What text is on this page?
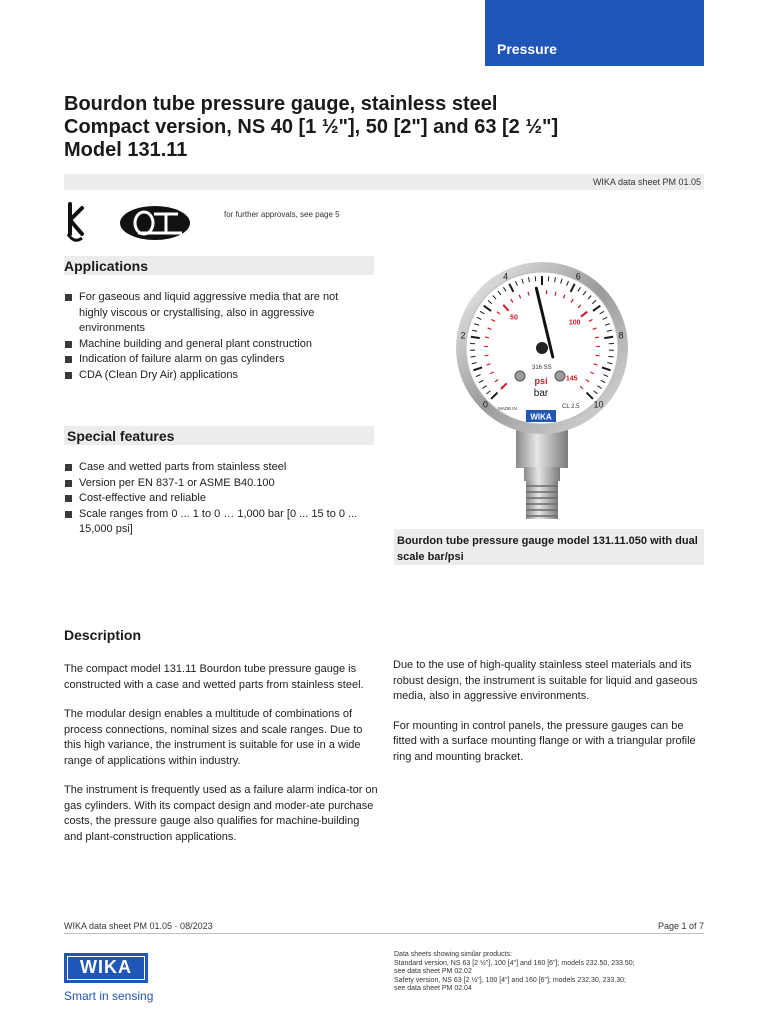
Pressure
Bourdon tube pressure gauge, stainless steel
Compact version, NS 40 [1 ½"], 50 [2"] and 63 [2 ½"]
Model 131.11
WIKA data sheet PM 01.05
for further approvals, see page 5
Applications
For gaseous and liquid aggressive media that are not highly viscous or crystallising, also in aggressive environments
Machine building and general plant construction
Indication of failure alarm on gas cylinders
CDA (Clean Dry Air) applications
Special features
Case and wetted parts from stainless steel
Version per EN 837-1 or ASME B40.100
Cost-effective and reliable
Scale ranges from 0 ... 1 to 0 … 1,000 bar [0 ... 15 to 0 ... 15,000 psi]
0
2
4	6
8
10
50
100
145
316 SS
psi
bar
CL 2.5
MADE IN
WIKA
Bourdon tube pressure gauge model 131.11.050 with dual scale bar/psi
Description

The compact model 131.11 Bourdon tube pressure gauge is constructed with a case and wetted parts from stainless steel.

The modular design enables a multitude of combinations of process connections, nominal sizes and scale ranges. Due to this high variance, the instrument is suitable for use in a wide range of applications within industry.

The instrument is frequently used as a failure alarm indica-tor on gas cylinders. With its compact design and moder-ate purchase costs, the pressure gauge also qualifies for machine-building and plant-construction applications.

Due to the use of high-quality stainless steel materials and its robust design, the instrument is suitable for liquid and gaseous media, also in aggressive environments.

For mounting in control panels, the pressure gauges can be fitted with a surface mounting flange or with a triangular profile ring and mounting bracket.

WIKA data sheet PM 01.05 · 08/2023	Page 1 of 7
Data sheets showing similar products:
Standard version, NS 63 [2 ½"], 100 [4"] and 160 [6"]; models 232.50, 233.50;
see data sheet PM 02.02
Safety version, NS 63 [2 ½"], 100 [4"] and 160 [6"]; models 232.30, 233.30;
see data sheet PM 02.04
WIKA
Smart in sensing
